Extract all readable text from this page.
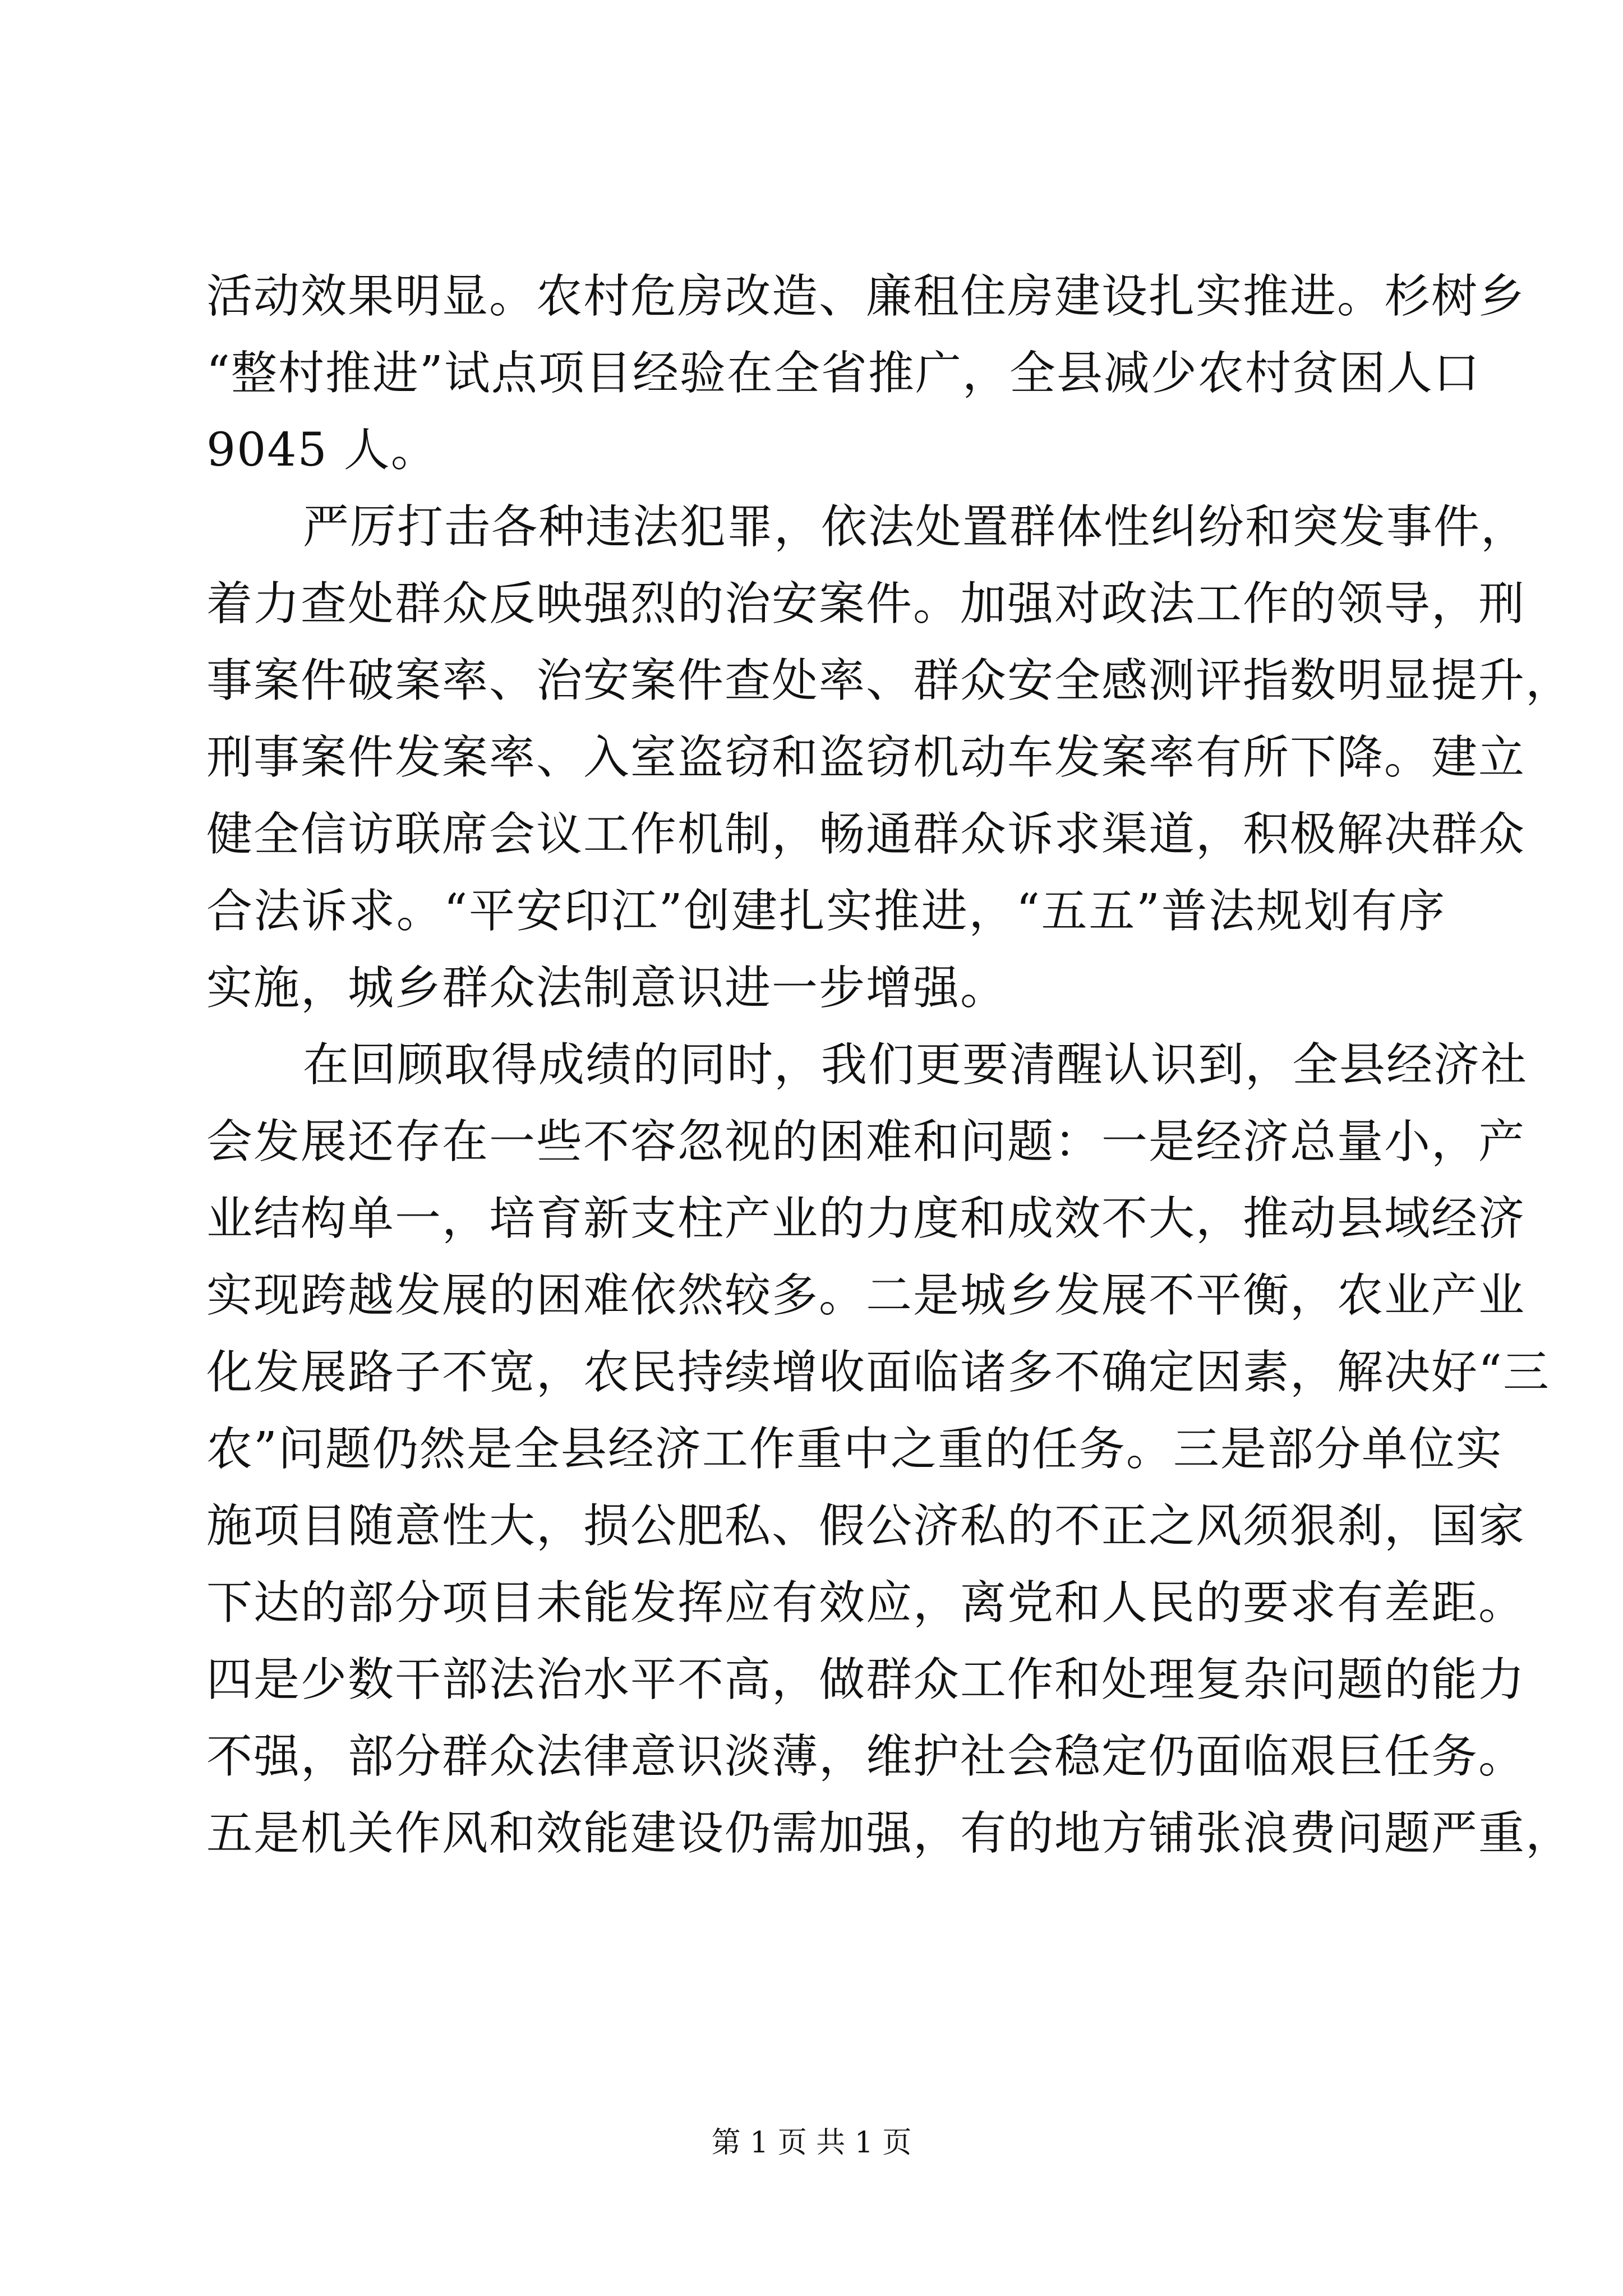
活动效果明显。农村危房改造、廉租住房建设扎实推进。杉树乡
“整村推进”试点项目经验在全省推广，全县减少农村贫困人口
9045 人。
严厉打击各种违法犯罪，依法处置群体性纠纷和突发事件，
着力查处群众反映强烈的治安案件。加强对政法工作的领导，刑
事案件破案率、治安案件查处率、群众安全感测评指数明显提升，
刑事案件发案率、入室盗窃和盗窃机动车发案率有所下降。建立
健全信访联席会议工作机制，畅通群众诉求渠道，积极解决群众
合法诉求。“平安印江”创建扎实推进，“五五”普法规划有序
实施，城乡群众法制意识进一步增强。
在回顾取得成绩的同时，我们更要清醒认识到，全县经济社
会发展还存在一些不容忽视的困难和问题：一是经济总量小，产
业结构单一，培育新支柱产业的力度和成效不大，推动县域经济
实现跨越发展的困难依然较多。二是城乡发展不平衡，农业产业
化发展路子不宽，农民持续增收面临诸多不确定因素，解决好“三
农”问题仍然是全县经济工作重中之重的任务。三是部分单位实
施项目随意性大，损公肥私、假公济私的不正之风须狠刹，国家
下达的部分项目未能发挥应有效应，离党和人民的要求有差距。
四是少数干部法治水平不高，做群众工作和处理复杂问题的能力
不强，部分群众法律意识淡薄，维护社会稳定仍面临艰巨任务。
五是机关作风和效能建设仍需加强，有的地方铺张浪费问题严重，
第 1 页 共 1 页
